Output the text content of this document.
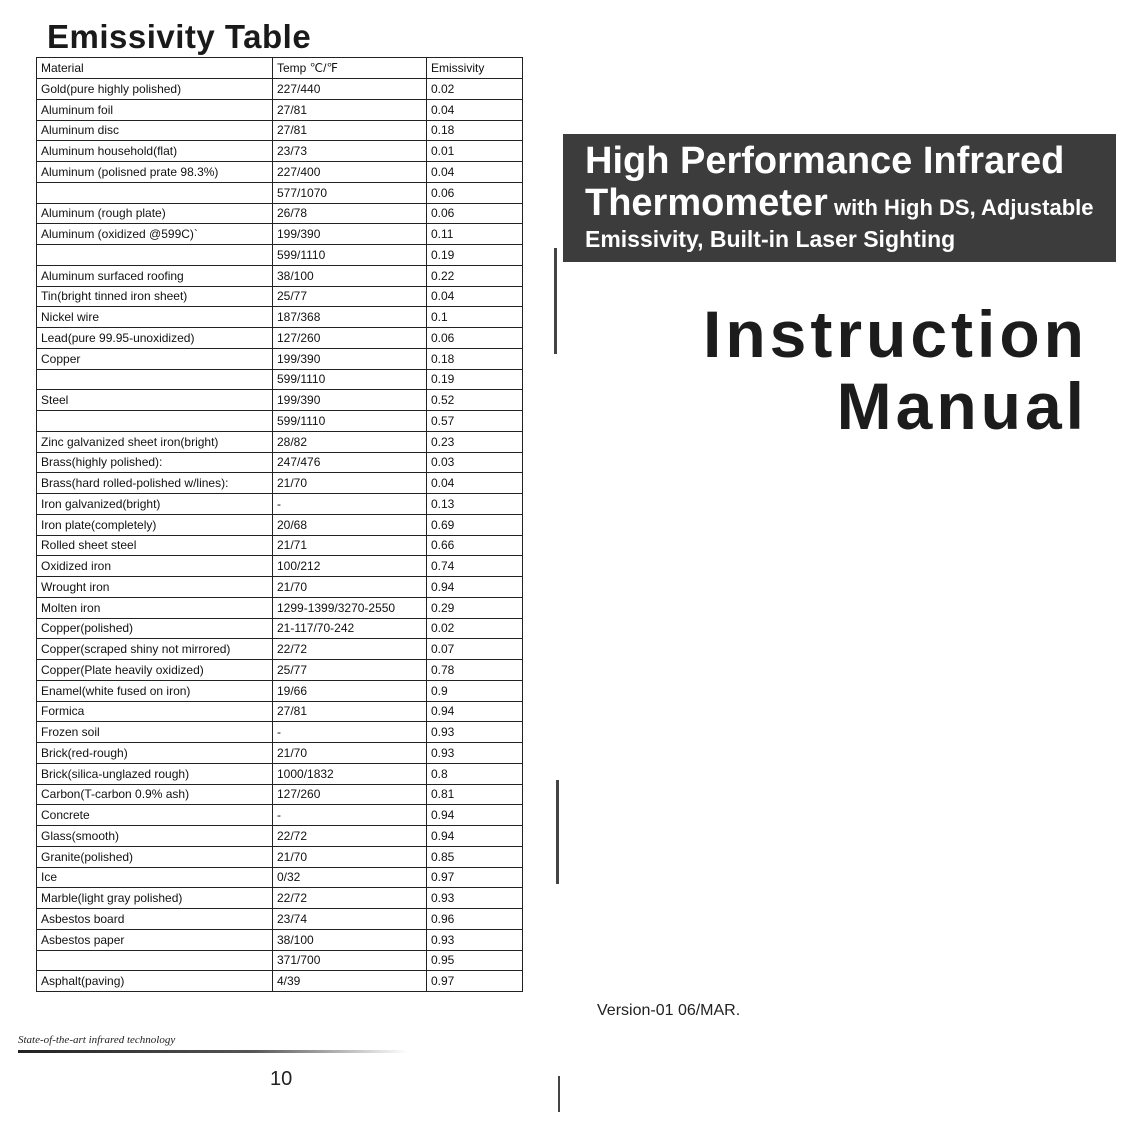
Emissivity Table
Material	Temp ℃/℉	Emissivity
Gold(pure highly polished)	227/440	0.02
Aluminum foil	27/81	0.04
Aluminum disc	27/81	0.18
Aluminum household(flat)	23/73	0.01
Aluminum (polisned prate 98.3%)	227/400	0.04
	577/1070	0.06
Aluminum (rough plate)	26/78	0.06
Aluminum (oxidized @599C)`	199/390	0.11
	599/1110	0.19
Aluminum surfaced roofing	38/100	0.22
Tin(bright tinned iron sheet)	25/77	0.04
Nickel wire	187/368	0.1
Lead(pure 99.95-unoxidized)	127/260	0.06
Copper	199/390	0.18
	599/1110	0.19
Steel	199/390	0.52
	599/1110	0.57
Zinc galvanized sheet iron(bright)	28/82	0.23
Brass(highly polished):	247/476	0.03
Brass(hard rolled-polished w/lines):	21/70	0.04
Iron galvanized(bright)	-	0.13
Iron plate(completely)	20/68	0.69
Rolled sheet steel	21/71	0.66
Oxidized iron	100/212	0.74
Wrought iron	21/70	0.94
Molten iron	1299-1399/3270-2550	0.29
Copper(polished)	21-117/70-242	0.02
Copper(scraped shiny not mirrored)	22/72	0.07
Copper(Plate heavily oxidized)	25/77	0.78
Enamel(white fused on iron)	19/66	0.9
Formica	27/81	0.94
Frozen soil	-	0.93
Brick(red-rough)	21/70	0.93
Brick(silica-unglazed rough)	1000/1832	0.8
Carbon(T-carbon 0.9% ash)	127/260	0.81
Concrete	-	0.94
Glass(smooth)	22/72	0.94
Granite(polished)	21/70	0.85
Ice	0/32	0.97
Marble(light gray polished)	22/72	0.93
Asbestos board	23/74	0.96
Asbestos paper	38/100	0.93
	371/700	0.95
Asphalt(paving)	4/39	0.97
State-of-the-art infrared technology
10
High Performance Infrared
Thermometer with High DS, Adjustable
Emissivity, Built-in Laser Sighting
Instruction
Manual
Version-01 06/MAR.
